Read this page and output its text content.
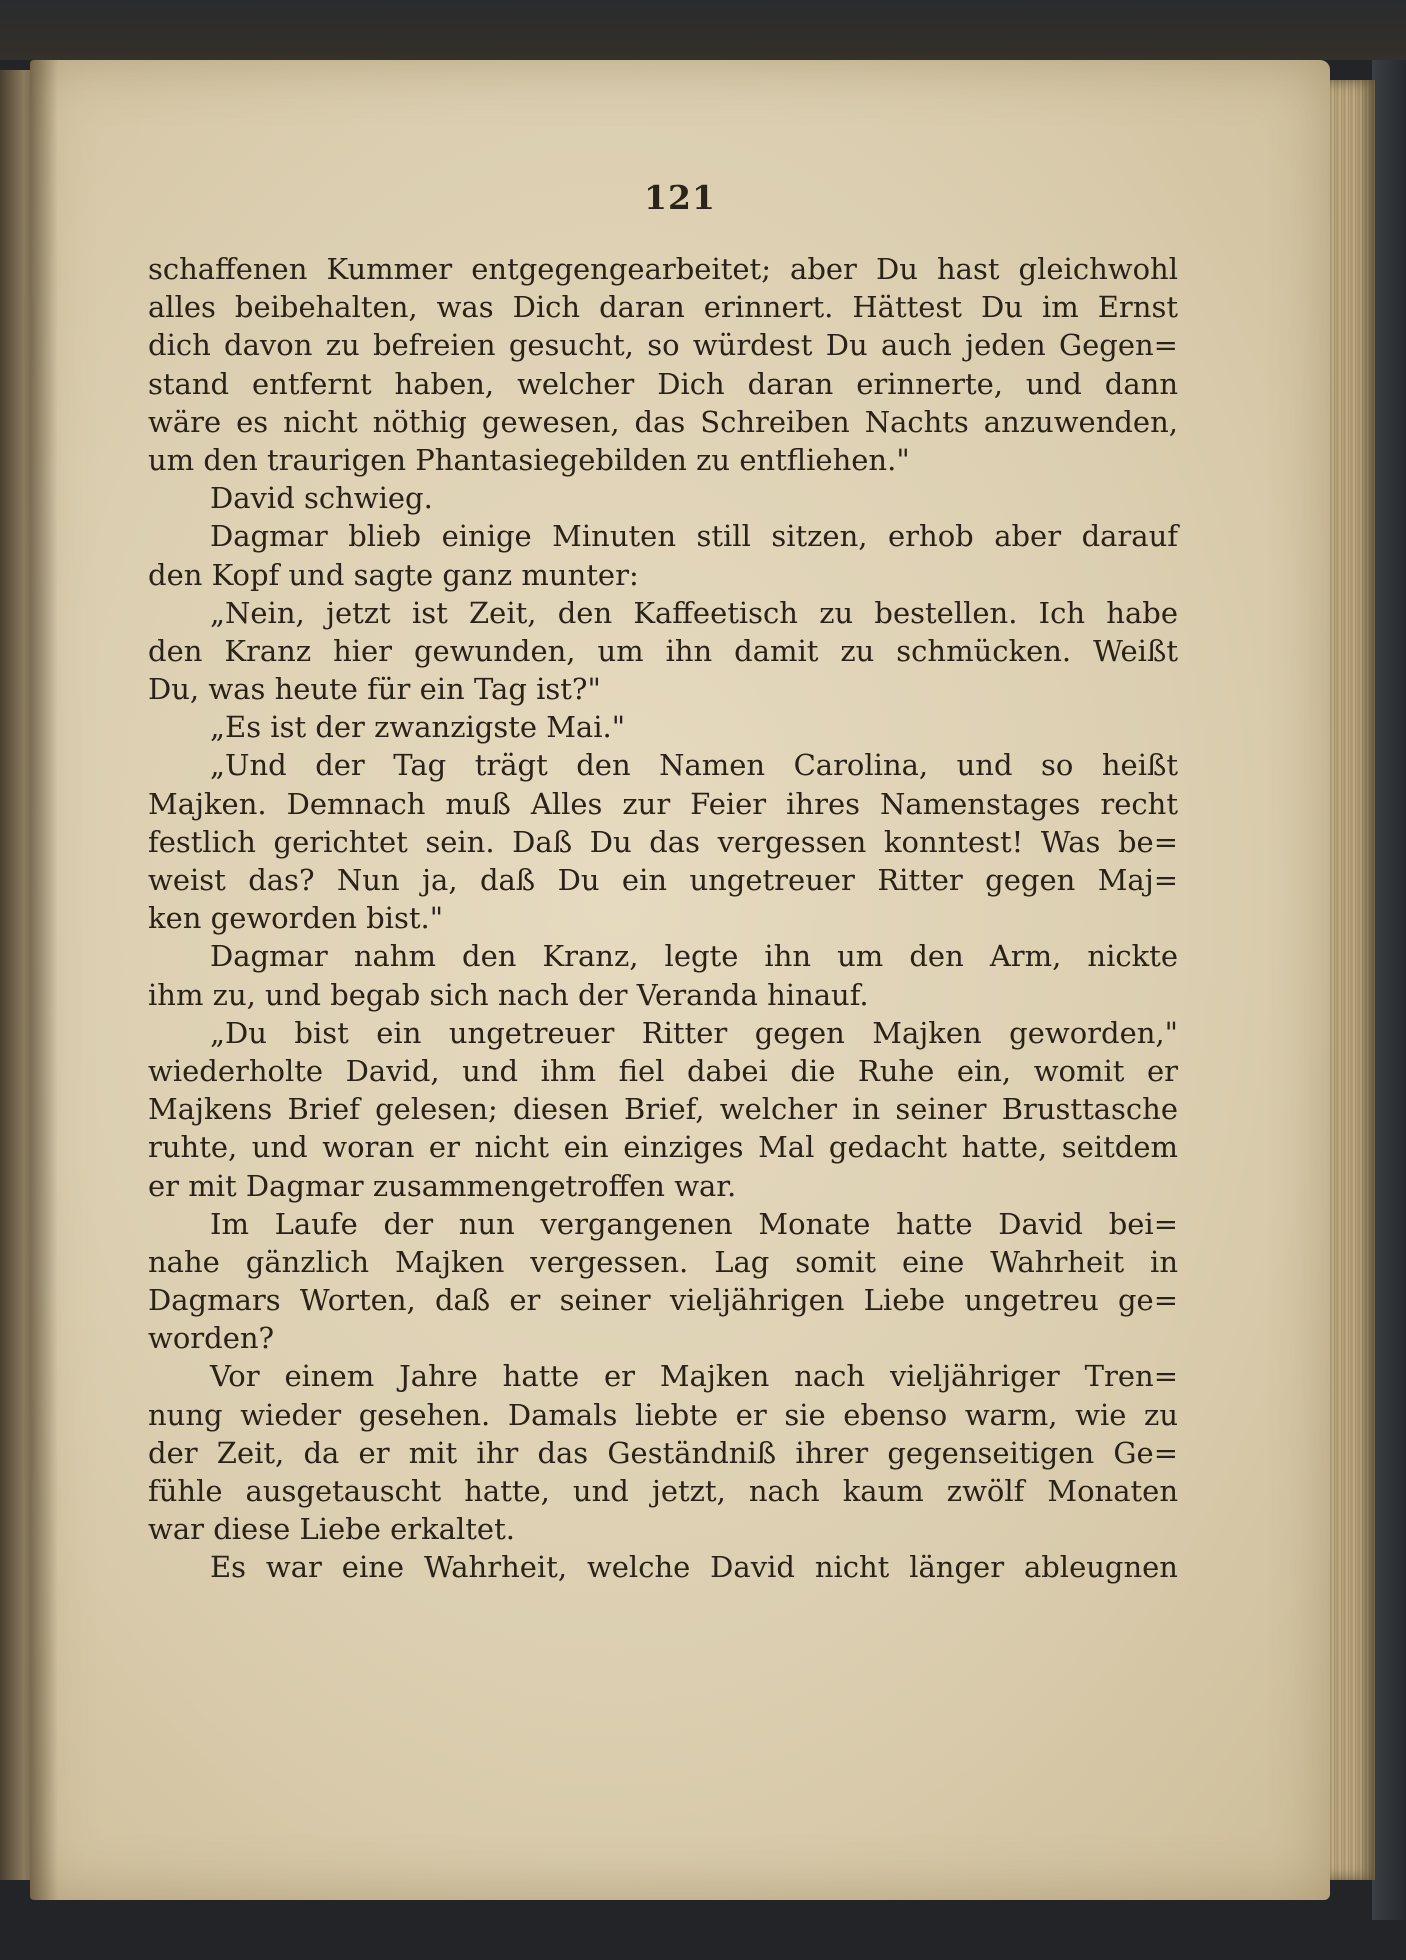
121
schaffenen Kummer entgegengearbeitet; aber Du hast gleichwohl
alles beibehalten, was Dich daran erinnert. Hättest Du im Ernst
dich davon zu befreien gesucht, so würdest Du auch jeden Gegen=
stand entfernt haben, welcher Dich daran erinnerte, und dann
wäre es nicht nöthig gewesen, das Schreiben Nachts anzuwenden,
um den traurigen Phantasiegebilden zu entfliehen."
David schwieg.
Dagmar blieb einige Minuten still sitzen, erhob aber darauf
den Kopf und sagte ganz munter:
„Nein, jetzt ist Zeit, den Kaffeetisch zu bestellen. Ich habe
den Kranz hier gewunden, um ihn damit zu schmücken. Weißt
Du, was heute für ein Tag ist?"
„Es ist der zwanzigste Mai."
„Und der Tag trägt den Namen Carolina, und so heißt
Majken. Demnach muß Alles zur Feier ihres Namenstages recht
festlich gerichtet sein. Daß Du das vergessen konntest! Was be=
weist das? Nun ja, daß Du ein ungetreuer Ritter gegen Maj=
ken geworden bist."
Dagmar nahm den Kranz, legte ihn um den Arm, nickte
ihm zu, und begab sich nach der Veranda hinauf.
„Du bist ein ungetreuer Ritter gegen Majken geworden,"
wiederholte David, und ihm fiel dabei die Ruhe ein, womit er
Majkens Brief gelesen; diesen Brief, welcher in seiner Brusttasche
ruhte, und woran er nicht ein einziges Mal gedacht hatte, seitdem
er mit Dagmar zusammengetroffen war.
Im Laufe der nun vergangenen Monate hatte David bei=
nahe gänzlich Majken vergessen. Lag somit eine Wahrheit in
Dagmars Worten, daß er seiner vieljährigen Liebe ungetreu ge=
worden?
Vor einem Jahre hatte er Majken nach vieljähriger Tren=
nung wieder gesehen. Damals liebte er sie ebenso warm, wie zu
der Zeit, da er mit ihr das Geständniß ihrer gegenseitigen Ge=
fühle ausgetauscht hatte, und jetzt, nach kaum zwölf Monaten
war diese Liebe erkaltet.
Es war eine Wahrheit, welche David nicht länger ableugnen
